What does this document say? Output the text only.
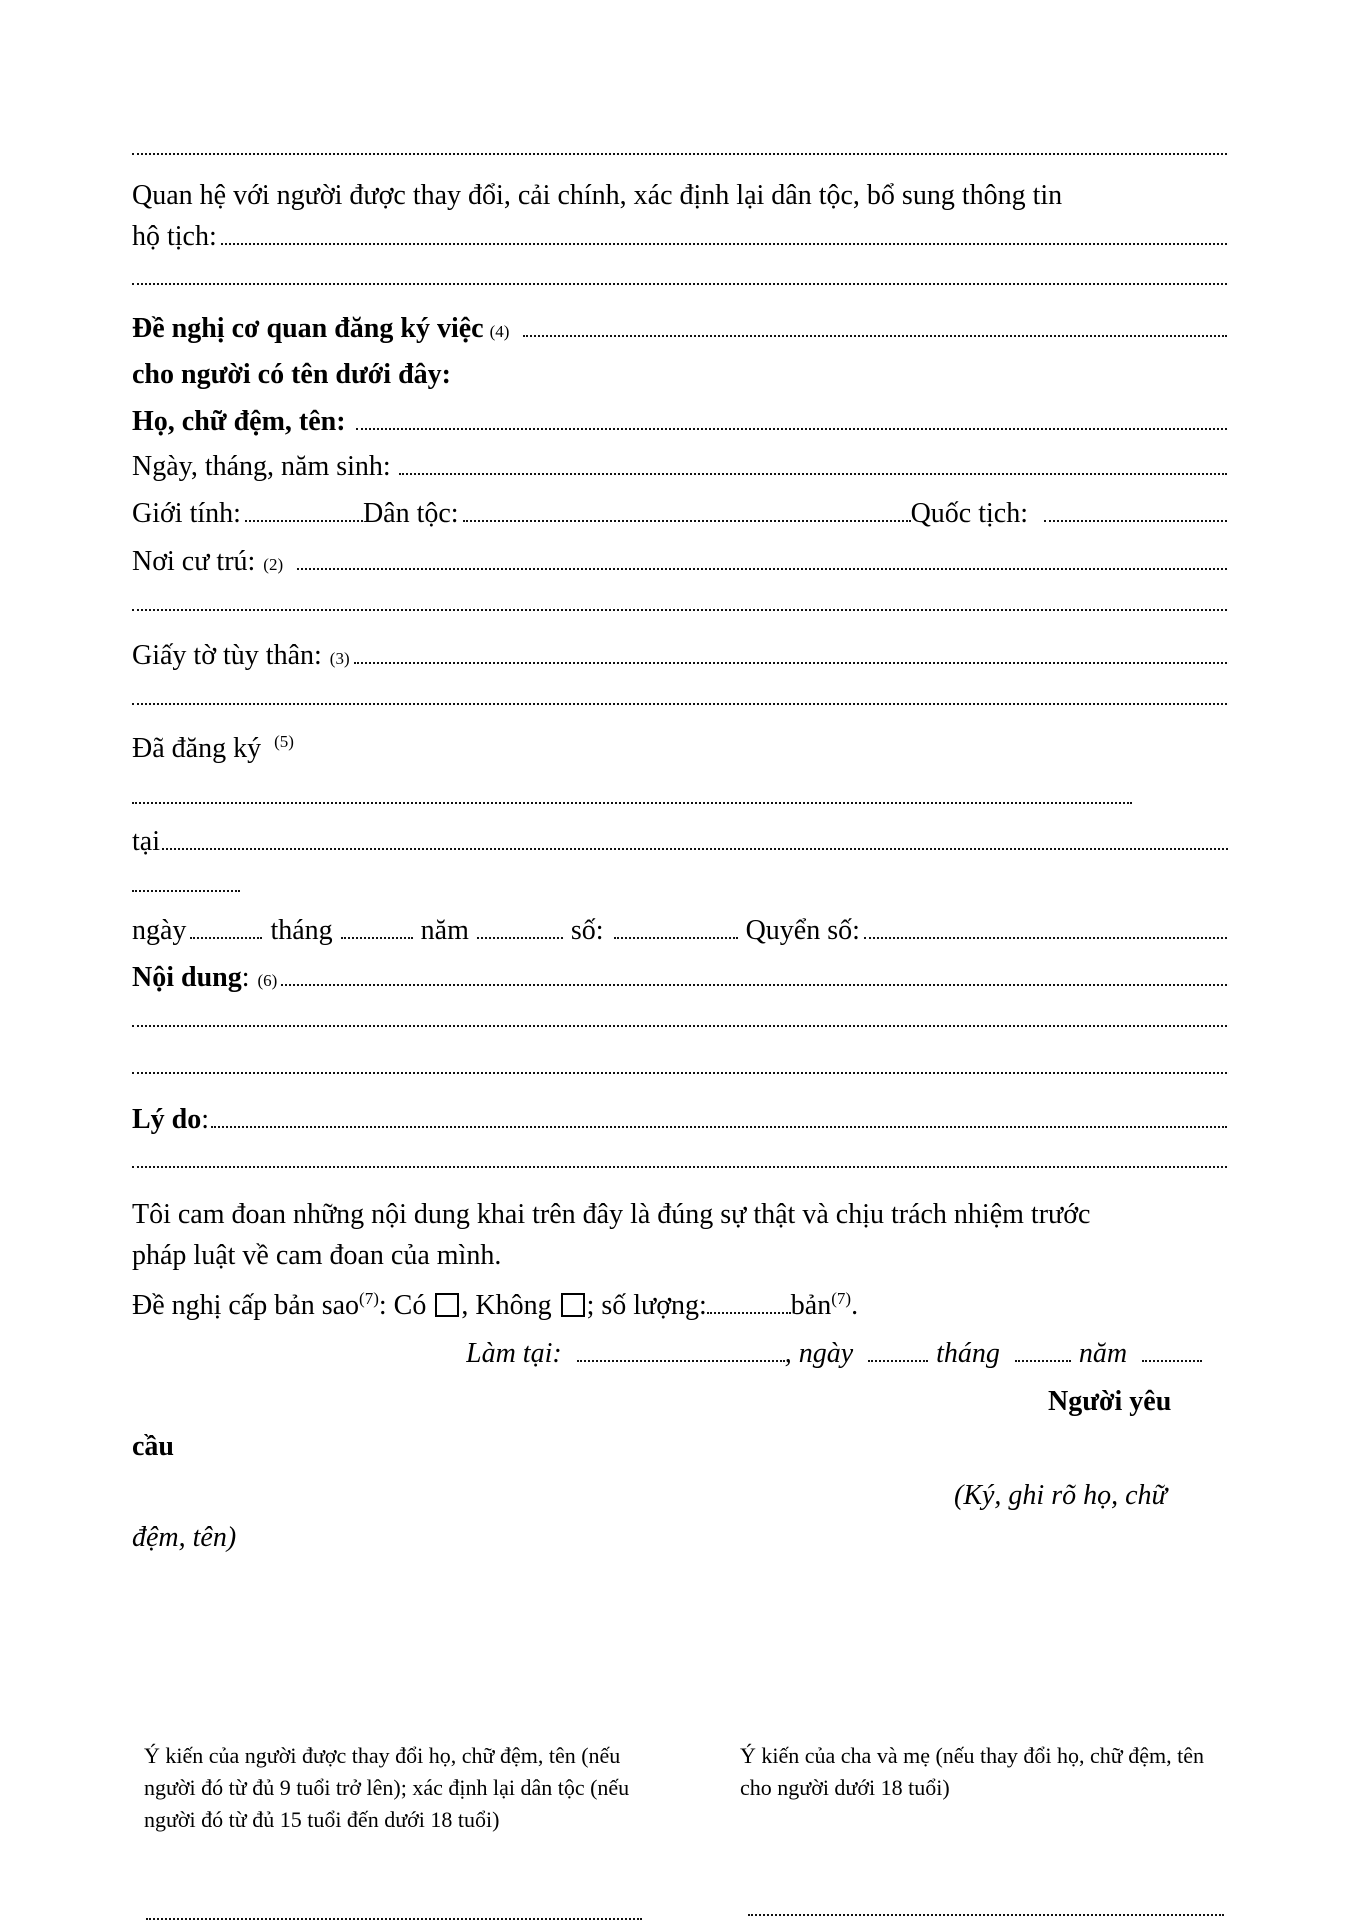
Quan hệ với người được thay đổi, cải chính, xác định lại dân tộc, bổ sung thông tin
hộ tịch:
Đề nghị cơ quan đăng ký việc (4)
cho người có tên dưới đây:
Họ, chữ đệm, tên:
Ngày, tháng, năm sinh:
Giới tính:	Dân tộc:	Quốc tịch:
Nơi cư trú: (2)
Giấy tờ tùy thân: (3)
Đã đăng ký $^{(5)}$
tại
ngày	tháng	năm	số:	Quyển số:
Nội dung : (6)
Lý do :
Tôi cam đoan những nội dung khai trên đây là đúng sự thật và chịu trách nhiệm trước
pháp luật về cam đoan của mình.
Đề nghị cấp bản sao$^{(7)}$: Có , Không ; số lượng:	bản$^{(7)}$.
Làm tại:	, ngày	tháng	năm
Người yêu
cầu
(Ký, ghi rõ họ, chữ
đệm, tên)
Ý kiến của người được thay đổi họ, chữ đệm, tên (nếu người đó từ đủ 9 tuổi trở lên); xác định lại dân tộc (nếu người đó từ đủ 15 tuổi đến dưới 18 tuổi)
Ý kiến của cha và mẹ (nếu thay đổi họ, chữ đệm, tên cho người dưới 18 tuổi)
